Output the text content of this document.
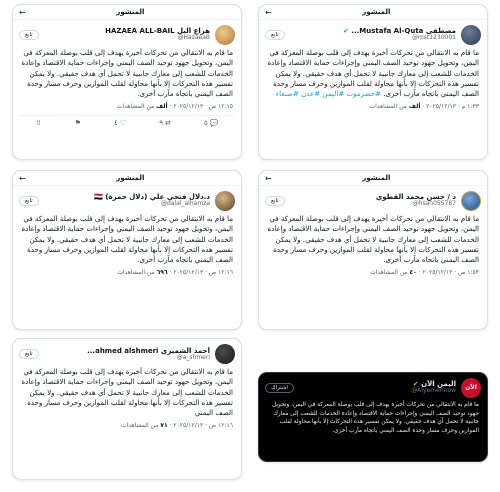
←	المنشور
مصطفى Mustafa Al-Quta... ✔
@mst1230001
تابع
ما قام به الانتقالي من تحركات أخيرة يهدف إلى قلب بوصلة المعركة في اليمن، وتحويل جهود توحيد الصف اليمني وإجراءات حماية الاقتصاد وإعادة الخدمات للشعب إلى معارك جانبية لا تحمل أي هدف حقيقي. ولا يمكن تفسير هذه التحركات إلا بأنها محاولة لقلب الموازين وحرف مسار وحدة الصف اليمني باتجاه مآرب أخرى. #حضرموت #اليمن #عدن #صنعاء
١:٣٣ م · ٢٠٢٥/١٢/١٣ · ألف من المشاهدات
←	المنشور
هزاع البل HAZAEA ALL-BAIL
@HazaeaB
تابع
ما قام به الانتقالي من تحركات أخيرة يهدف إلى قلب بوصلة المعركة في اليمن، وتحويل جهود توحيد الصف اليمني وإجراءات حماية الاقتصاد وإعادة الخدمات للشعب إلى معارك جانبية لا تحمل أي هدف حقيقي. ولا يمكن تفسير هذه التحركات إلا بأنها محاولة لقلب الموازين وحرف مسار وحدة الصف اليمني باتجاه مآرب أخرى.
١٢:١٥ ص · ٢٠٢٥/١٢/١٣ · ألف من المشاهدات
💬
٥
⇄
٩
♡
٤
⚑
⇧
←	المنشور
د / حسن محمد القطوي
@hsan055787
تابع
ما قام به الانتقالي من تحركات أخيرة يهدف إلى قلب بوصلة المعركة في اليمن، وتحويل جهود توحيد الصف اليمني وإجراءات حماية الاقتصاد وإعادة الخدمات للشعب إلى معارك جانبية لا تحمل أي هدف حقيقي. ولا يمكن تفسير هذه التحركات إلا بأنها محاولة لقلب الموازين وحرف مسار وحدة الصف اليمني باتجاه مآرب أخرى.
١:٥٣ ص · ٢٠٢٥/١٢/١٣ · ٤٠ من المشاهدات
←	المنشور
د.دلال فتحي علي (دلال حمزة) 🇾🇪
@dalal_alhamza
تابع
ما قام به الانتقالي من تحركات أخيرة يهدف إلى قلب بوصلة المعركة في اليمن، وتحويل جهود توحيد الصف اليمني وإجراءات حماية الاقتصاد وإعادة الخدمات للشعب إلى معارك جانبية لا تحمل أي هدف حقيقي. ولا يمكن تفسير هذه التحركات إلا بأنها محاولة لقلب الموازين وحرف مسار وحدة الصف اليمني باتجاه مآرب أخرى.
١٢:١٦ ص · ٢٠٢٥/١٢/١٣ · ٦٩٦ من المشاهدات
أحمد الشميري ahmed alshmeri...
@a_shmeri
تابع
ما قام به الانتقالي من تحركات أخيرة يهدف إلى قلب بوصلة المعركة في اليمن، وتحويل جهود توحيد الصف اليمني وإجراءات حماية الاقتصاد وإعادة الخدمات للشعب إلى معارك جانبية لا تحمل أي هدف حقيقي. ولا يمكن تفسير هذه التحركات إلا بأنها محاولة لقلب الموازين وحرف مسار وحدة الصف اليمني
١٢:١٦ ص · ٢٠٢٥/١٢/١٣ · ٧١ من المشاهدات
الآن
اليمن الآن ✔
@Alyemennow
اشتراك
ما قام به الانتقالي من تحركات أخيرة يهدف إلى قلب بوصلة المعركة في اليمن، وتحويل جهود توحيد الصف اليمني وإجراءات حماية الاقتصاد وإعادة الخدمات للشعب إلى معارك جانبية لا تحمل أي هدف حقيقي. ولا يمكن تفسير هذه التحركات إلا بأنها محاولة لقلب الموازين وحرف مسار وحدة الصف اليمني باتجاه مآرب أخرى.
